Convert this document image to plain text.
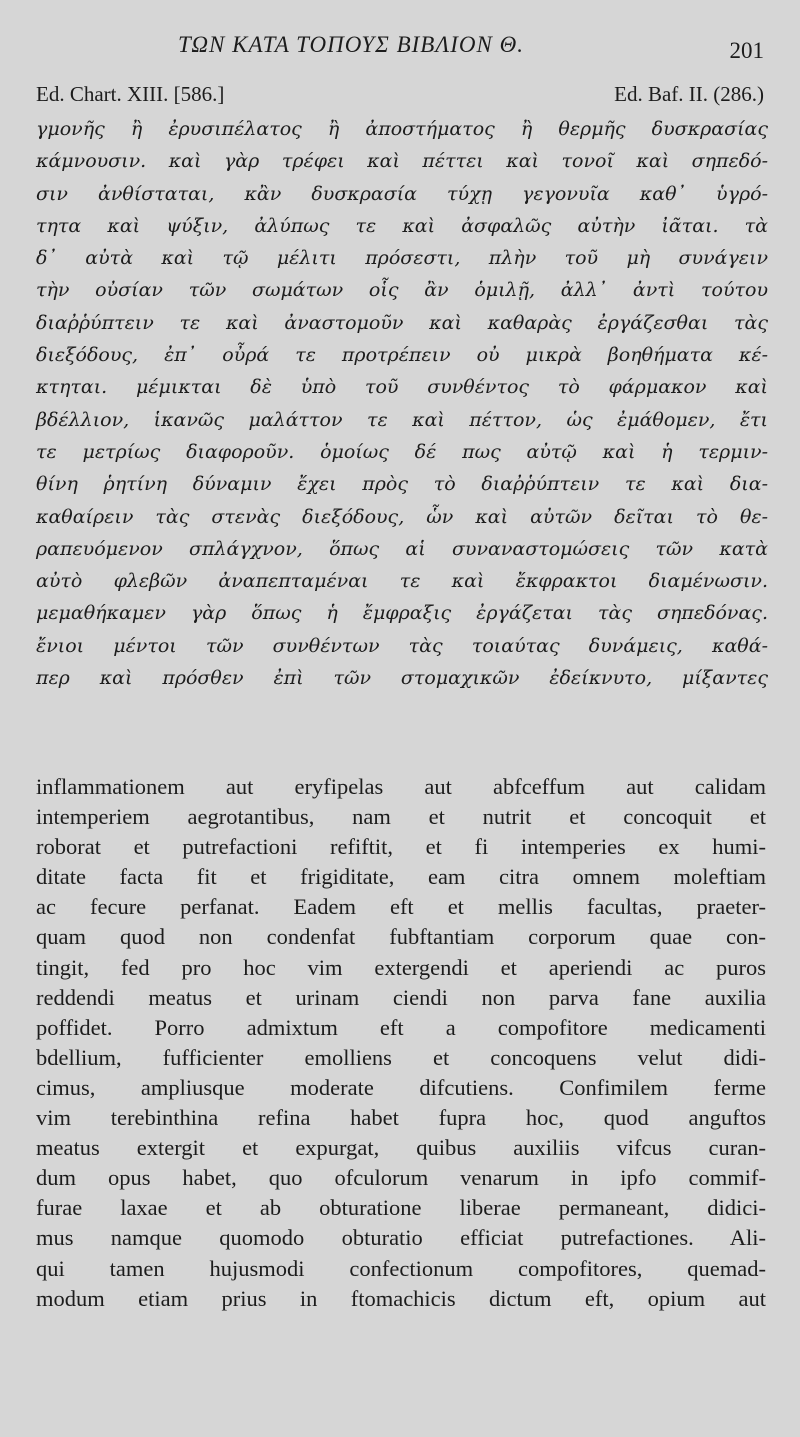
ΤΩΝ ΚΑΤΑ ΤΟΠΟΥΣ ΒΙΒΛΙΟΝ Θ.	201
Ed. Chart. XIII. [586.]	Ed. Baf. II. (286.)
γμονῆς ἢ ἐρυσιπέλατος ἢ ἀποστήματος ἢ θερμῆς δυσκρασίας
κάμνουσιν. καὶ γὰρ τρέφει καὶ πέττει καὶ τονοῖ καὶ σηπεδό-
σιν ἀνθίσταται, κἂν δυσκρασία τύχῃ γεγονυῖα καθ᾽ ὑγρό-
τητα καὶ ψύξιν, ἀλύπως τε καὶ ἀσφαλῶς αὐτὴν ἰᾶται. τὰ
δ᾽ αὐτὰ καὶ τῷ μέλιτι πρόσεστι, πλὴν τοῦ μὴ συνάγειν
τὴν οὐσίαν τῶν σωμάτων οἷς ἂν ὁμιλῇ, ἀλλ᾽ ἀντὶ τούτου
διαῤῥύπτειν τε καὶ ἀναστομοῦν καὶ καθαρὰς ἐργάζεσθαι τὰς
διεξόδους, ἐπ᾽ οὖρά τε προτρέπειν οὐ μικρὰ βοηθήματα κέ-
κτηται. μέμικται δὲ ὑπὸ τοῦ συνθέντος τὸ φάρμακον καὶ
βδέλλιον, ἱκανῶς μαλάττον τε καὶ πέττον, ὡς ἐμάθομεν, ἔτι
τε μετρίως διαφοροῦν. ὁμοίως δέ πως αὐτῷ καὶ ἡ τερμιν-
θίνη ῥητίνη δύναμιν ἔχει πρὸς τὸ διαῤῥύπτειν τε καὶ δια-
καθαίρειν τὰς στενὰς διεξόδους, ὧν καὶ αὐτῶν δεῖται τὸ θε-
ραπευόμενον σπλάγχνον, ὅπως αἱ συναναστομώσεις τῶν κατὰ
αὐτὸ φλεβῶν ἀναπεπταμέναι τε καὶ ἔκφρακτοι διαμένωσιν.
μεμαθήκαμεν γὰρ ὅπως ἡ ἔμφραξις ἐργάζεται τὰς σηπεδόνας.
ἔνιοι μέντοι τῶν συνθέντων τὰς τοιαύτας δυνάμεις, καθά-
περ καὶ πρόσθεν ἐπὶ τῶν στομαχικῶν ἐδείκνυτο, μίξαντες
inflammationem aut eryfipelas aut abfceffum aut calidam
intemperiem aegrotantibus, nam et nutrit et concoquit et
roborat et putrefactioni refiftit, et fi intemperies ex humi-
ditate facta fit et frigiditate, eam citra omnem moleftiam
ac fecure perfanat. Eadem eft et mellis facultas, praeter-
quam quod non condenfat fubftantiam corporum quae con-
tingit, fed pro hoc vim extergendi et aperiendi ac puros
reddendi meatus et urinam ciendi non parva fane auxilia
poffidet. Porro admixtum eft a compofitore medicamenti
bdellium, fufficienter emolliens et concoquens velut didi-
cimus, ampliusque moderate difcutiens. Confimilem ferme
vim terebinthina refina habet fupra hoc, quod anguftos
meatus extergit et expurgat, quibus auxiliis vifcus curan-
dum opus habet, quo ofculorum venarum in ipfo commif-
furae laxae et ab obturatione liberae permaneant, didici-
mus namque quomodo obturatio efficiat putrefactiones. Ali-
qui tamen hujusmodi confectionum compofitores, quemad-
modum etiam prius in ftomachicis dictum eft, opium aut
